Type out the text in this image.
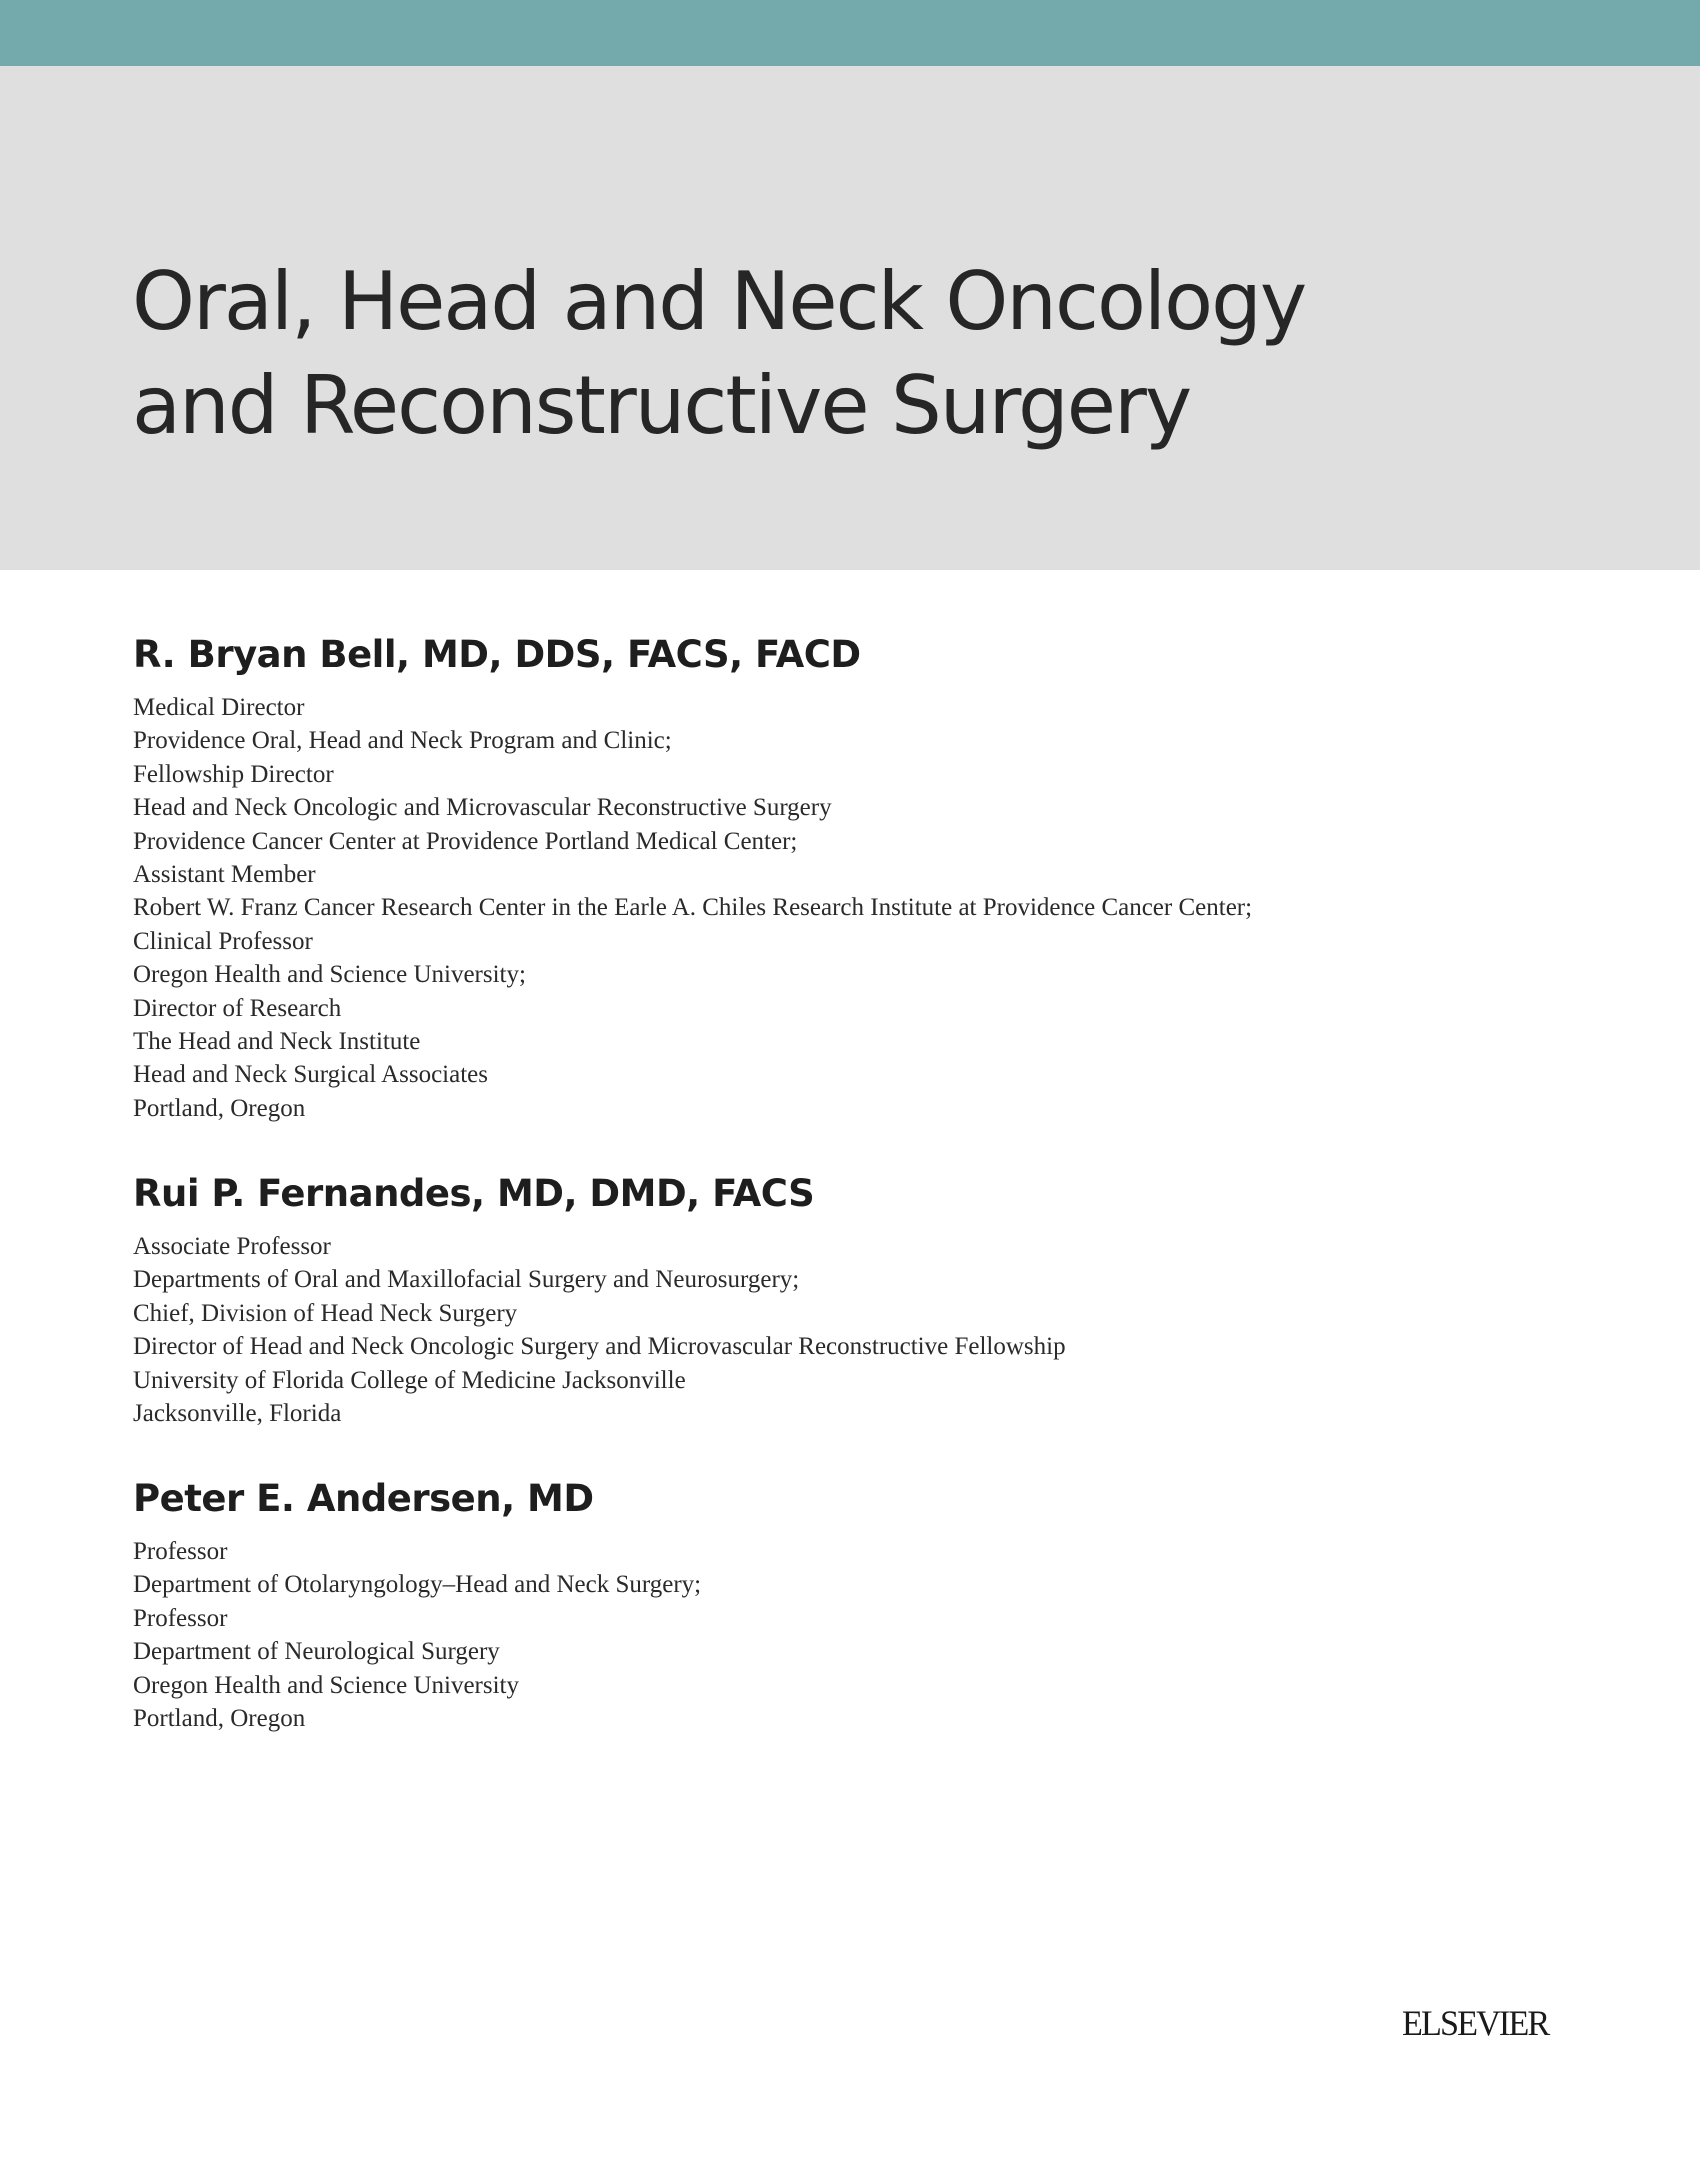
Oral, Head and Neck Oncology
and Reconstructive Surgery
R. Bryan Bell, MD, DDS, FACS, FACD
Medical Director
Providence Oral, Head and Neck Program and Clinic;
Fellowship Director
Head and Neck Oncologic and Microvascular Reconstructive Surgery
Providence Cancer Center at Providence Portland Medical Center;
Assistant Member
Robert W. Franz Cancer Research Center in the Earle A. Chiles Research Institute at Providence Cancer Center;
Clinical Professor
Oregon Health and Science University;
Director of Research
The Head and Neck Institute
Head and Neck Surgical Associates
Portland, Oregon
Rui P. Fernandes, MD, DMD, FACS
Associate Professor
Departments of Oral and Maxillofacial Surgery and Neurosurgery;
Chief, Division of Head Neck Surgery
Director of Head and Neck Oncologic Surgery and Microvascular Reconstructive Fellowship
University of Florida College of Medicine Jacksonville
Jacksonville, Florida
Peter E. Andersen, MD
Professor
Department of Otolaryngology–Head and Neck Surgery;
Professor
Department of Neurological Surgery
Oregon Health and Science University
Portland, Oregon
ELSEVIER
